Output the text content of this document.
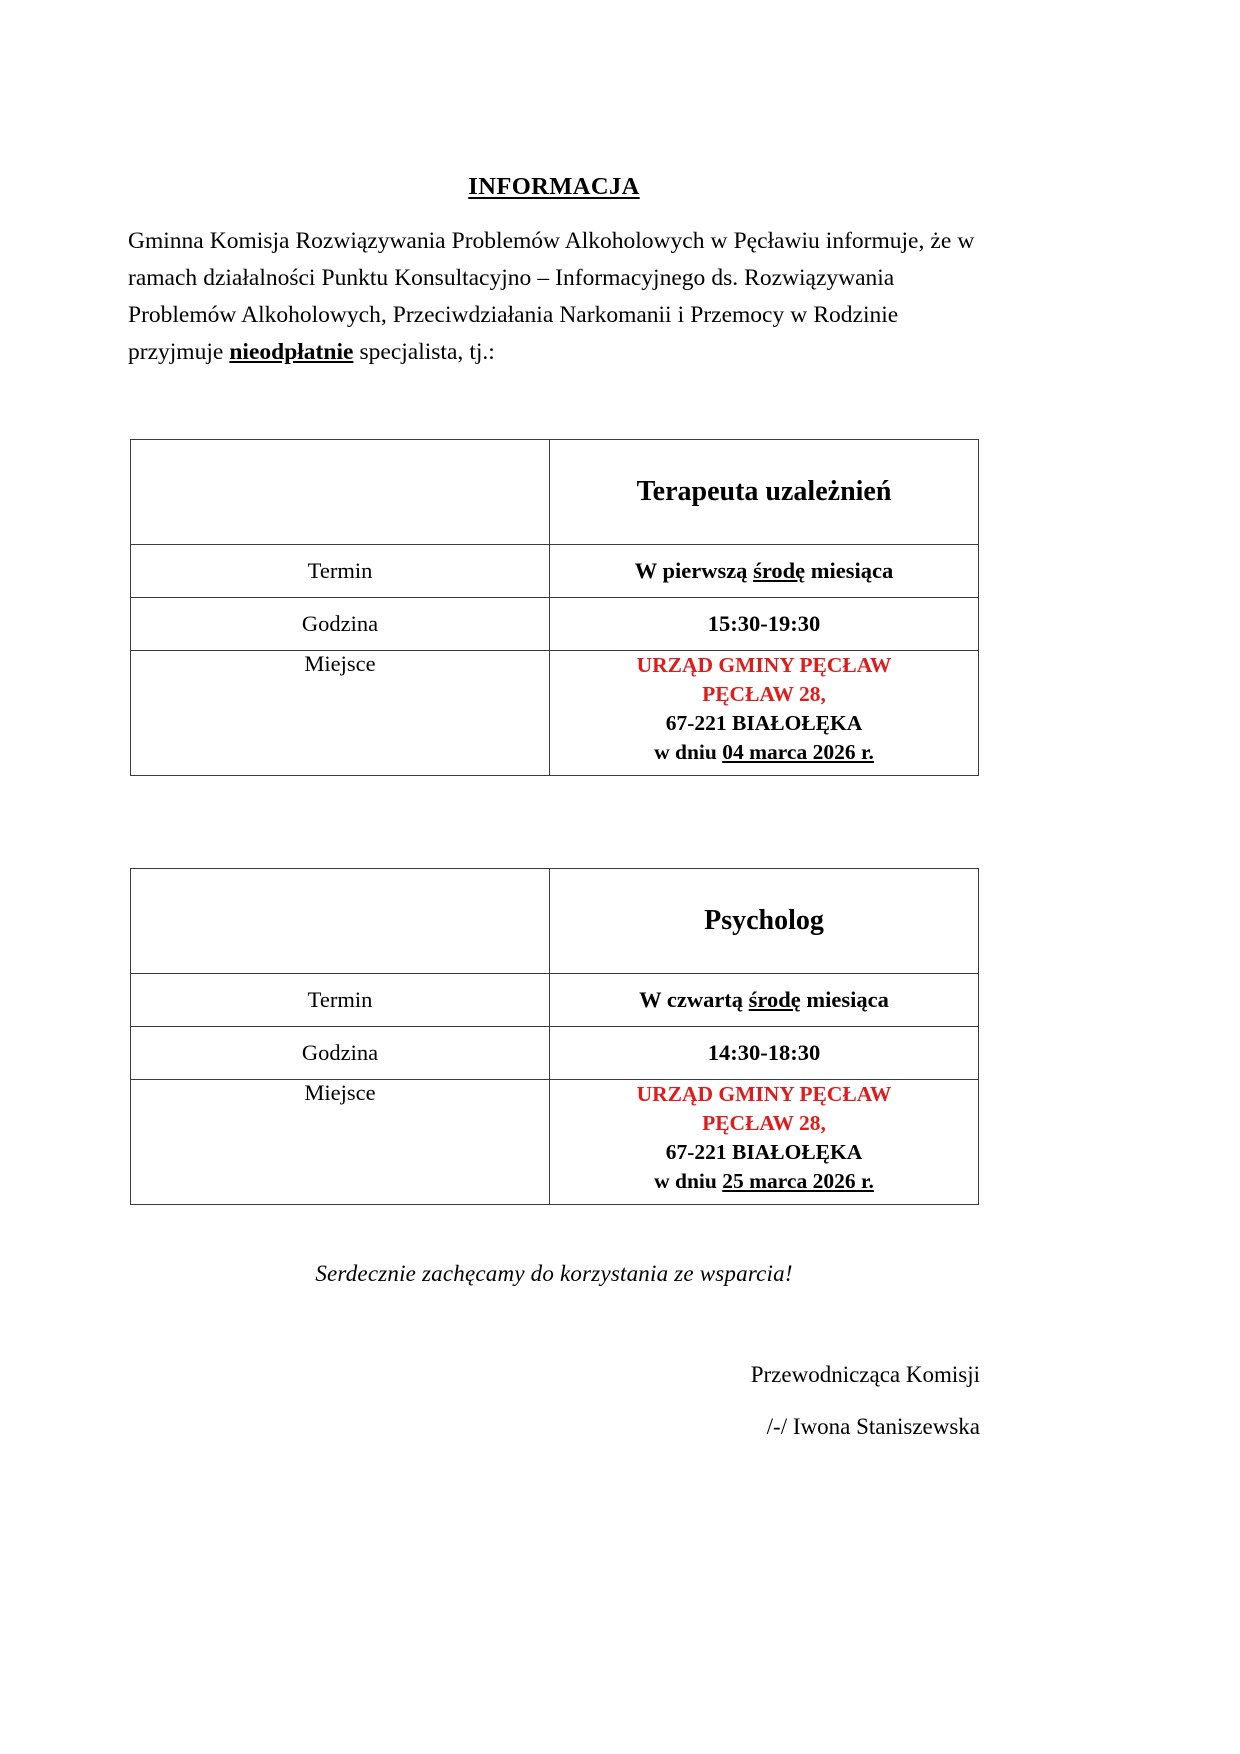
INFORMACJA
Gminna Komisja Rozwiązywania Problemów Alkoholowych w Pęcławiu informuje, że w ramach działalności Punktu Konsultacyjno – Informacyjnego ds. Rozwiązywania Problemów Alkoholowych, Przeciwdziałania Narkomanii i Przemocy w Rodzinie przyjmuje nieodpłatnie specjalista, tj.:
	Terapeuta uzależnień
Termin	W pierwszą środę miesiąca
Godzina	15:30-19:30
Miejsce	URZĄD GMINY PĘCŁAW
PĘCŁAW 28,
67-221 BIAŁOŁĘKA
w dniu 04 marca 2026 r.
	Psycholog
Termin	W czwartą środę miesiąca
Godzina	14:30-18:30
Miejsce	URZĄD GMINY PĘCŁAW
PĘCŁAW 28,
67-221 BIAŁOŁĘKA
w dniu 25 marca 2026 r.
Serdecznie zachęcamy do korzystania ze wsparcia!
Przewodnicząca Komisji
/-/ Iwona Staniszewska
